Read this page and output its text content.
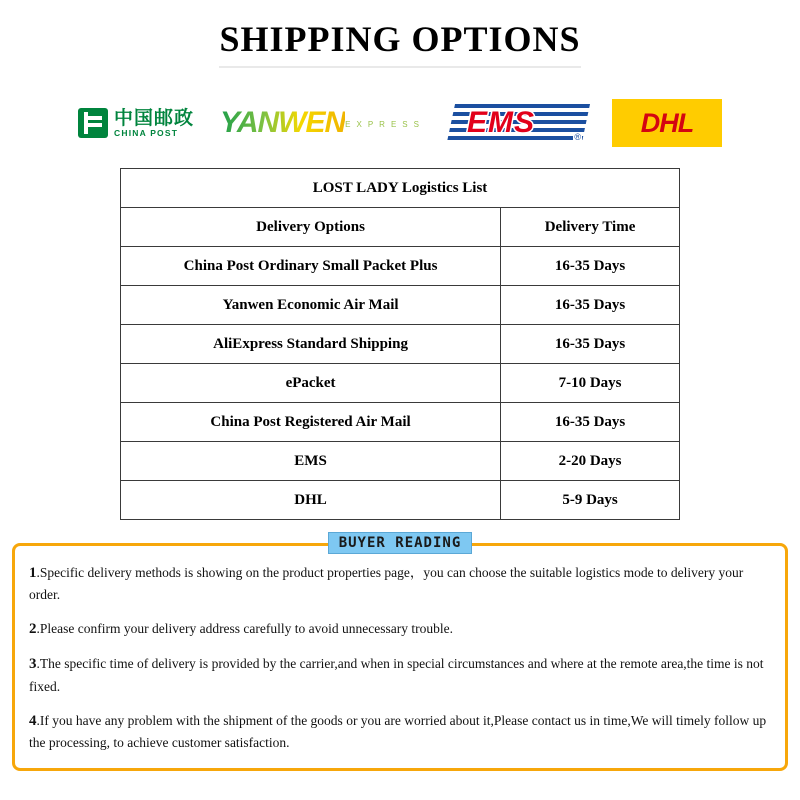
SHIPPING OPTIONS
中国邮政
CHINA POST	YANWEN EXPRESS EMS	® DHL
LOST LADY Logistics List	
Delivery Options	Delivery Time
China Post Ordinary Small Packet Plus	16-35 Days
Yanwen Economic Air Mail	16-35 Days
AliExpress Standard Shipping	16-35 Days
ePacket	7-10 Days
China Post Registered Air Mail	16-35 Days
EMS	2-20 Days
DHL	5-9 Days
BUYER READING

1.Specific delivery methods is showing on the product properties page，you can choose the suitable logistics mode to delivery your order.

2.Please confirm your delivery address carefully to avoid unnecessary trouble.

3.The specific time of delivery is provided by the carrier,and when in special circumstances and where at the remote area,the time is not fixed.

4.If you have any problem with the shipment of the goods or you are worried about it,Please contact us in time,We will timely follow up the processing, to achieve customer satisfaction.
